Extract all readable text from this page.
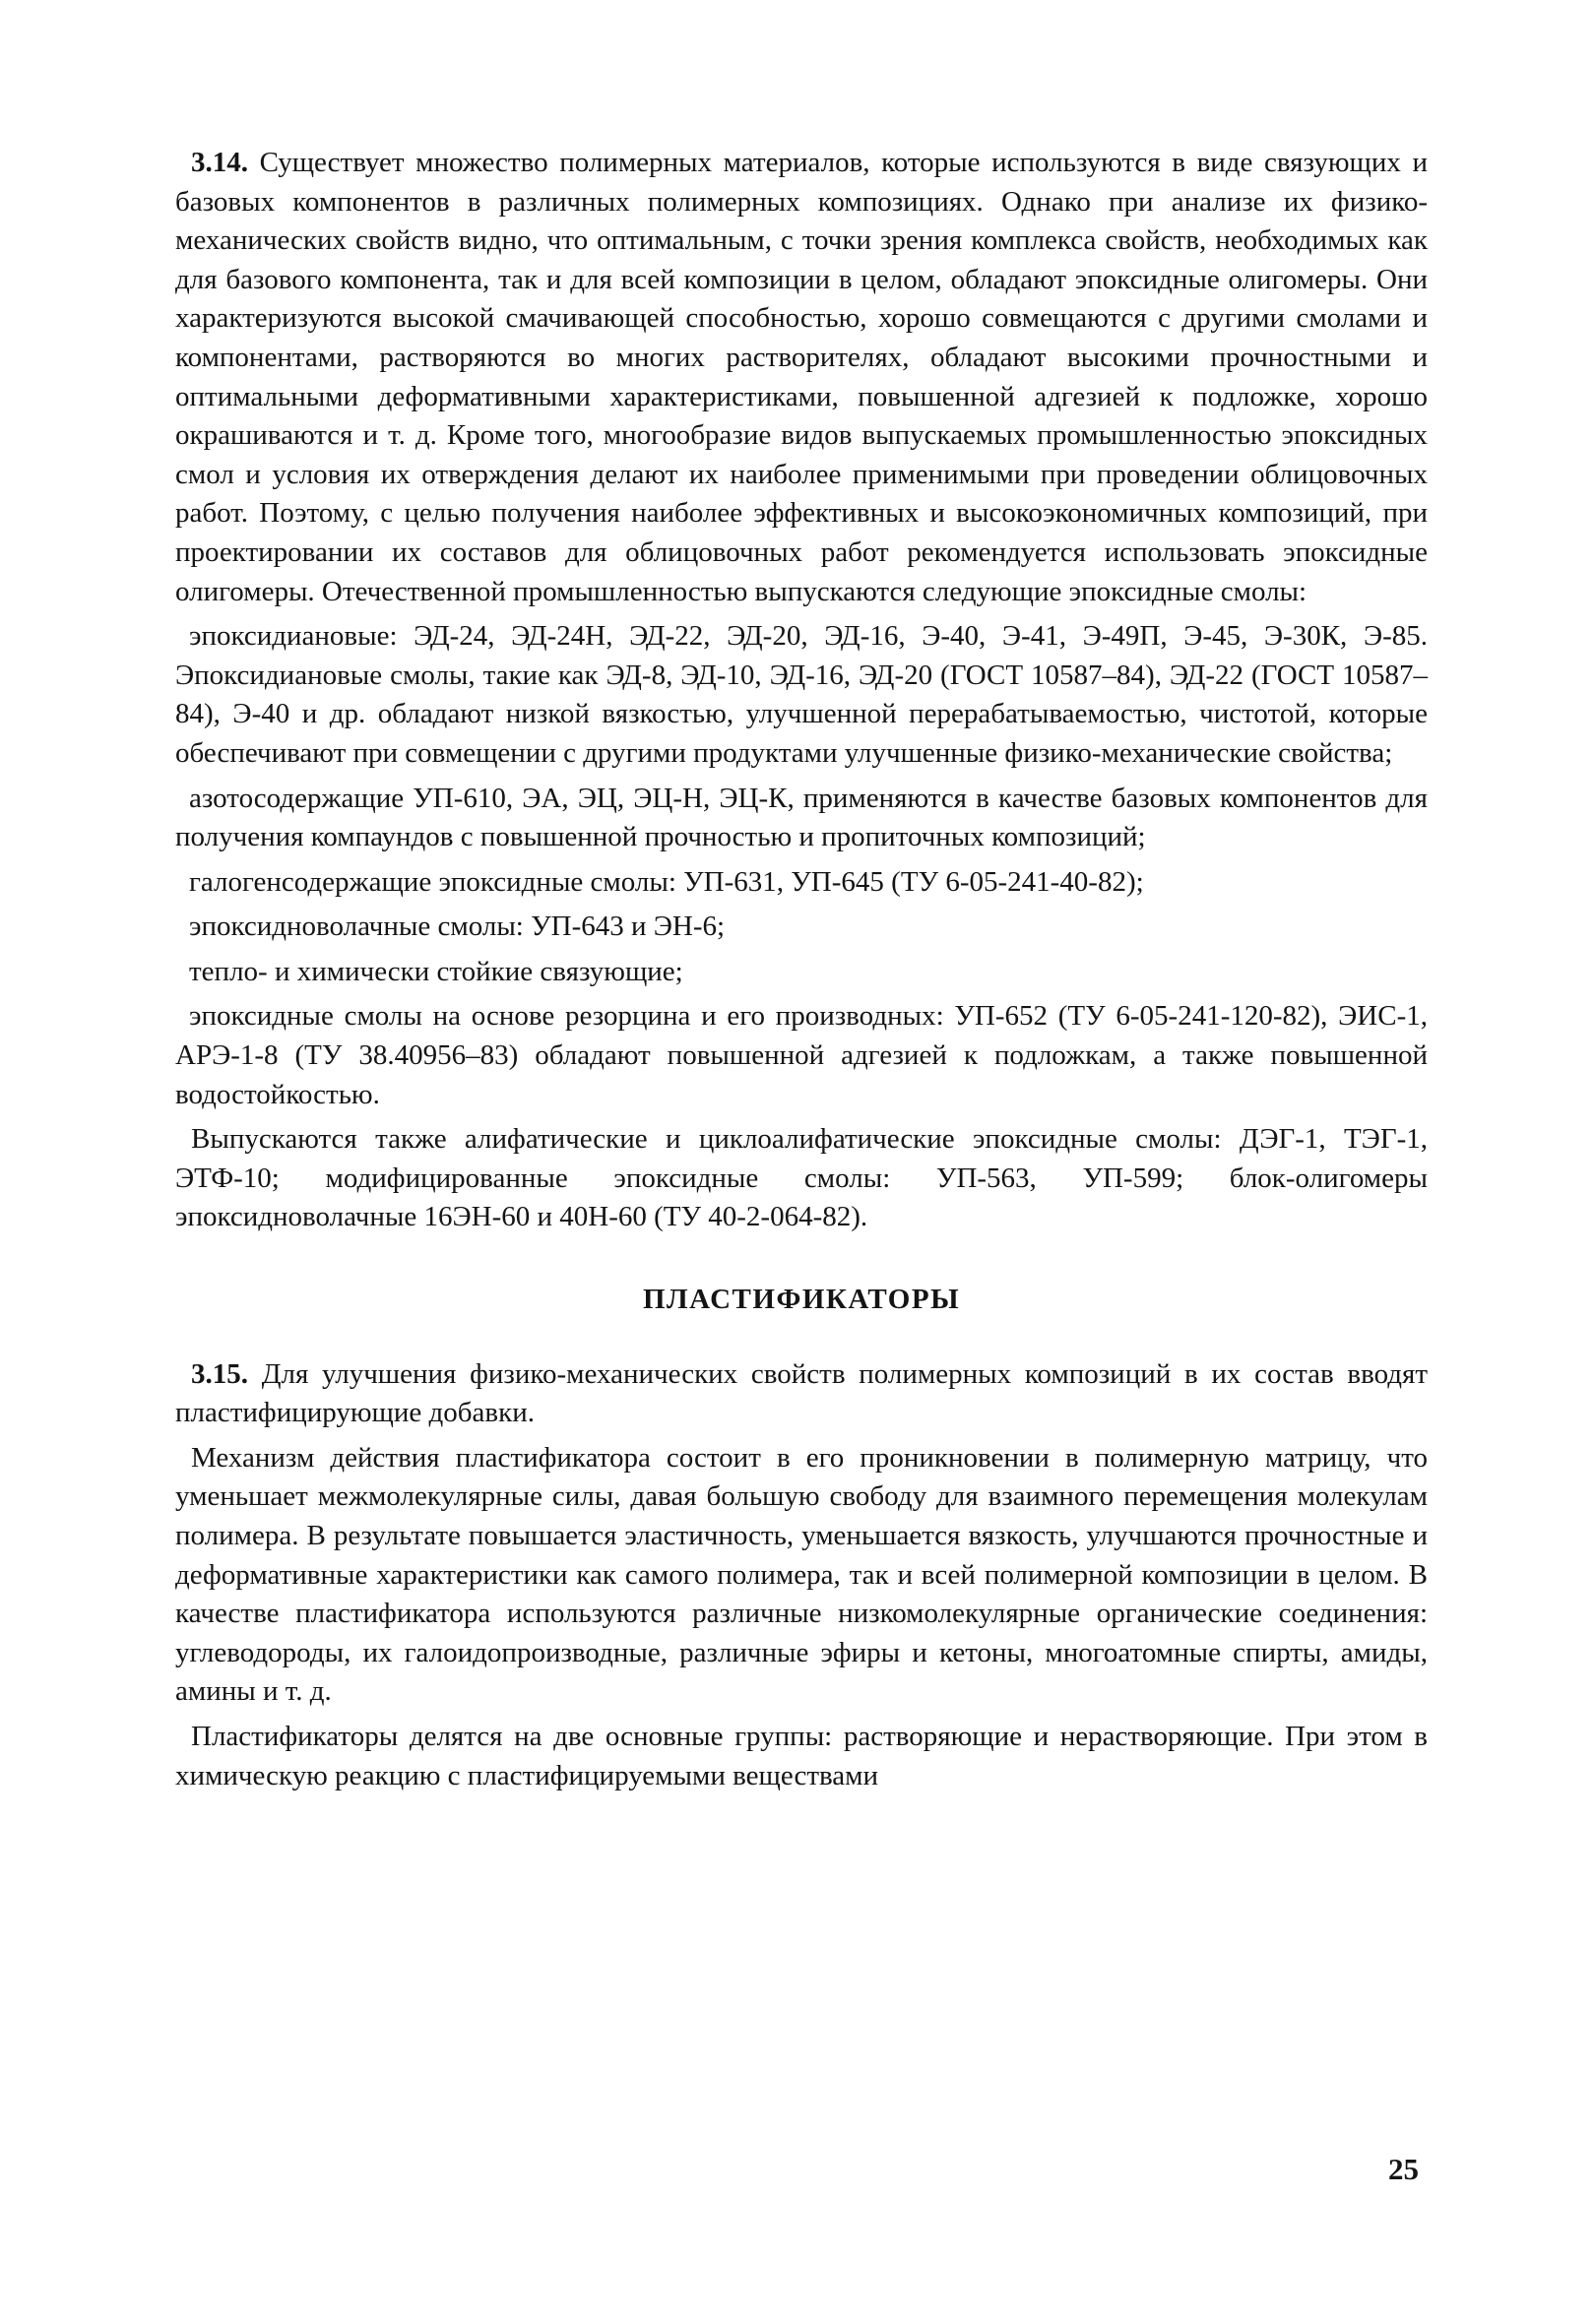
3.14. Существует множество полимерных материалов, которые используются в виде связующих и базовых компонентов в различных полимерных композициях. Однако при анализе их физико-механических свойств видно, что оптимальным, с точки зрения комплекса свойств, необходимых как для базового компонента, так и для всей композиции в целом, обладают эпоксидные олигомеры. Они характеризуются высокой смачивающей способностью, хорошо совмещаются с другими смолами и компонентами, растворяются во многих растворителях, обладают высокими прочностными и оптимальными деформативными характеристиками, повышенной адгезией к подложке, хорошо окрашиваются и т. д. Кроме того, многообразие видов выпускаемых промышленностью эпоксидных смол и условия их отверждения делают их наиболее применимыми при проведении облицовочных работ. Поэтому, с целью получения наиболее эффективных и высокоэкономичных композиций, при проектировании их составов для облицовочных работ рекомендуется использовать эпоксидные олигомеры. Отечественной промышленностью выпускаются следующие эпоксидные смолы:

эпоксидиановые: ЭД-24, ЭД-24Н, ЭД-22, ЭД-20, ЭД-16, Э-40, Э-41, Э-49П, Э-45, Э-30К, Э-85. Эпоксидиановые смолы, такие как ЭД-8, ЭД-10, ЭД-16, ЭД-20 (ГОСТ 10587–84), ЭД-22 (ГОСТ 10587–84), Э-40 и др. обладают низкой вязкостью, улучшенной перерабатываемостью, чистотой, которые обеспечивают при совмещении с другими продуктами улучшенные физико-механические свойства;

азотосодержащие УП-610, ЭА, ЭЦ, ЭЦ-Н, ЭЦ-К, применяются в качестве базовых компонентов для получения компаундов с повышенной прочностью и пропиточных композиций;

галогенсодержащие эпоксидные смолы: УП-631, УП-645 (ТУ 6-05-241-40-82);

эпоксидноволачные смолы: УП-643 и ЭН-6;

тепло- и химически стойкие связующие;

эпоксидные смолы на основе резорцина и его производных: УП-652 (ТУ 6-05-241-120-82), ЭИС-1, АРЭ-1-8 (ТУ 38.40956–83) обладают повышенной адгезией к подложкам, а также повышенной водостойкостью.

Выпускаются также алифатические и циклоалифатические эпоксидные смолы: ДЭГ-1, ТЭГ-1, ЭТФ-10; модифицированные эпоксидные смолы: УП-563, УП-599; блок-олигомеры эпоксидноволачные 16ЭН-60 и 40Н-60 (ТУ 40-2-064-82).

ПЛАСТИФИКАТОРЫ

3.15. Для улучшения физико-механических свойств полимерных композиций в их состав вводят пластифицирующие добавки.

Механизм действия пластификатора состоит в его проникновении в полимерную матрицу, что уменьшает межмолекулярные силы, давая большую свободу для взаимного перемещения молекулам полимера. В результате повышается эластичность, уменьшается вязкость, улучшаются прочностные и деформативные характеристики как самого полимера, так и всей полимерной композиции в целом. В качестве пластификатора используются различные низкомолекулярные органические соединения: углеводороды, их галоидопроизводные, различные эфиры и кетоны, многоатомные спирты, амиды, амины и т. д.

Пластификаторы делятся на две основные группы: растворяющие и нерастворяющие. При этом в химическую реакцию с пластифицируемыми веществами

25
